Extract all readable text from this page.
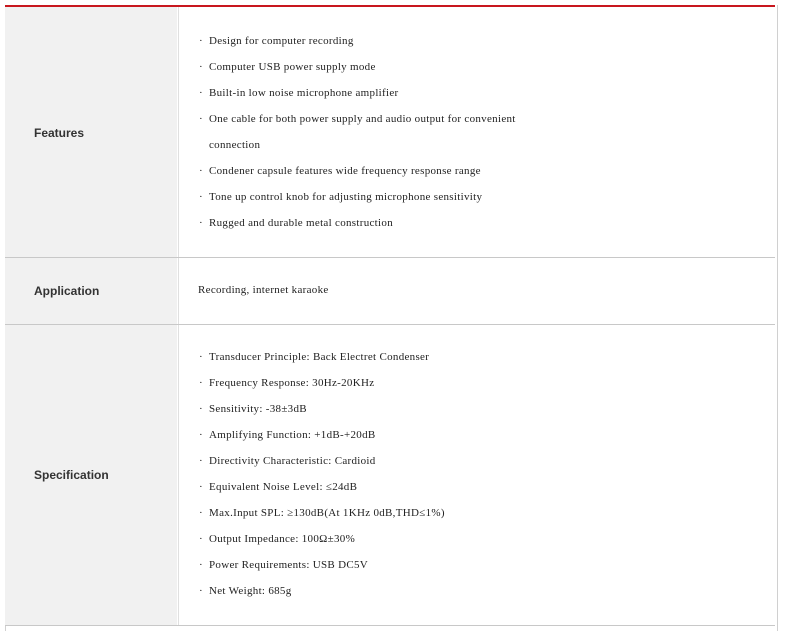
Features
· Design for computer recording
· Computer USB power supply mode
· Built-in low noise microphone amplifier
· One cable for both power supply and audio output for convenient
connection
· Condener capsule features wide frequency response range
· Tone up control knob for adjusting microphone sensitivity
· Rugged and durable metal construction
Application	Recording, internet karaoke
Specification
· Transducer Principle: Back Electret Condenser
· Frequency Response: 30Hz-20KHz
· Sensitivity: -38±3dB
· Amplifying Function: +1dB-+20dB
· Directivity Characteristic: Cardioid
· Equivalent Noise Level: ≤24dB
· Max.Input SPL: ≥130dB(At 1KHz 0dB,THD≤1%)
· Output Impedance: 100Ω±30%
· Power Requirements: USB DC5V
· Net Weight: 685g
